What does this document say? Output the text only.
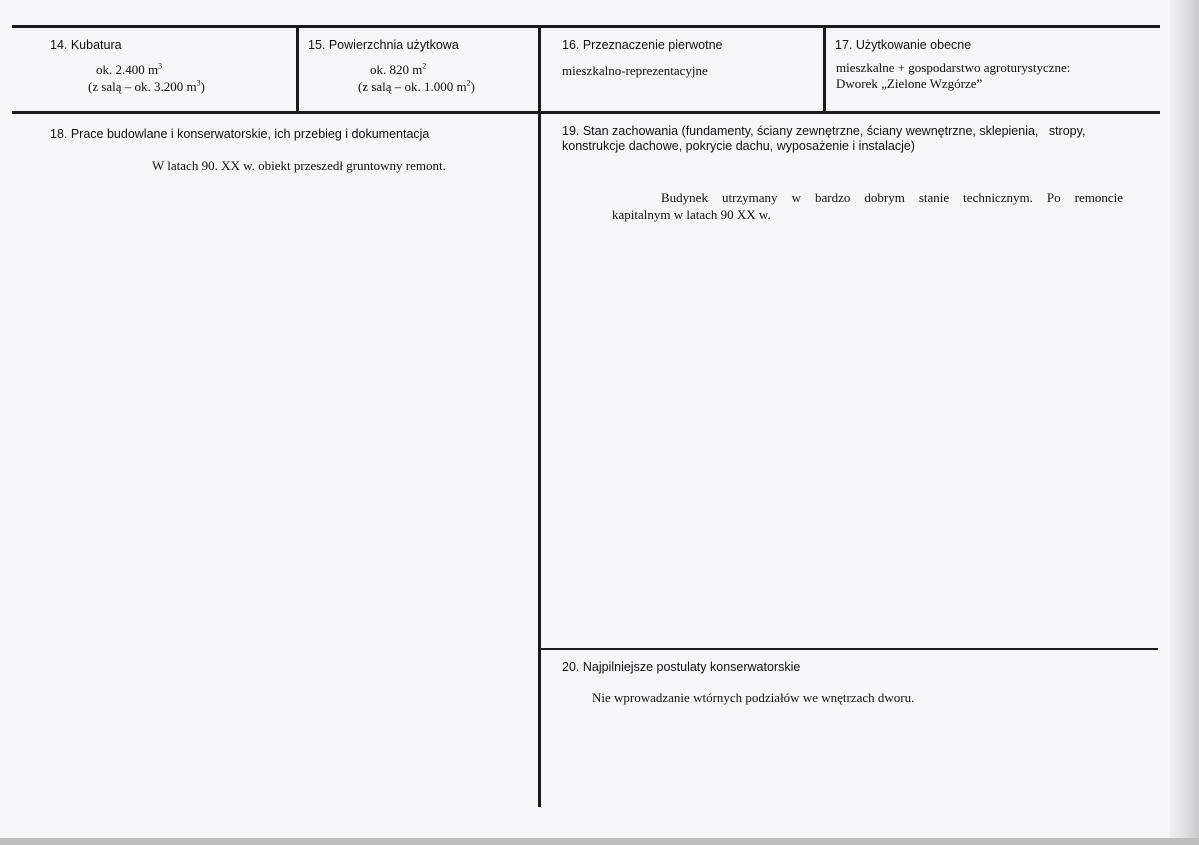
14. Kubatura

ok. 2.400 $m^3$

(z salą – ok. 3.200 $m^3$)

15. Powierzchnia użytkowa

ok. 820 $m^2$

(z salą – ok. 1.000 $m^2$)

16. Przeznaczenie pierwotne

mieszkalno-reprezentacyjne

17. Użytkowanie obecne

mieszkalne + gospodarstwo agroturystyczne:

Dworek „Zielone Wzgórze”

18. Prace budowlane i konserwatorskie, ich przebieg i dokumentacja

W latach 90. XX w. obiekt przeszedł gruntowny remont.

19. Stan zachowania (fundamenty, ściany zewnętrzne, ściany wewnętrzne, sklepienia,   stropy,

konstrukcje dachowe, pokrycie dachu, wyposażenie i instalacje)

Budynek utrzymany w bardzo dobrym stanie technicznym. Po remoncie

kapitalnym w latach 90 XX w.

20. Najpilniejsze postulaty konserwatorskie

Nie wprowadzanie wtórnych podziałów we wnętrzach dworu.
